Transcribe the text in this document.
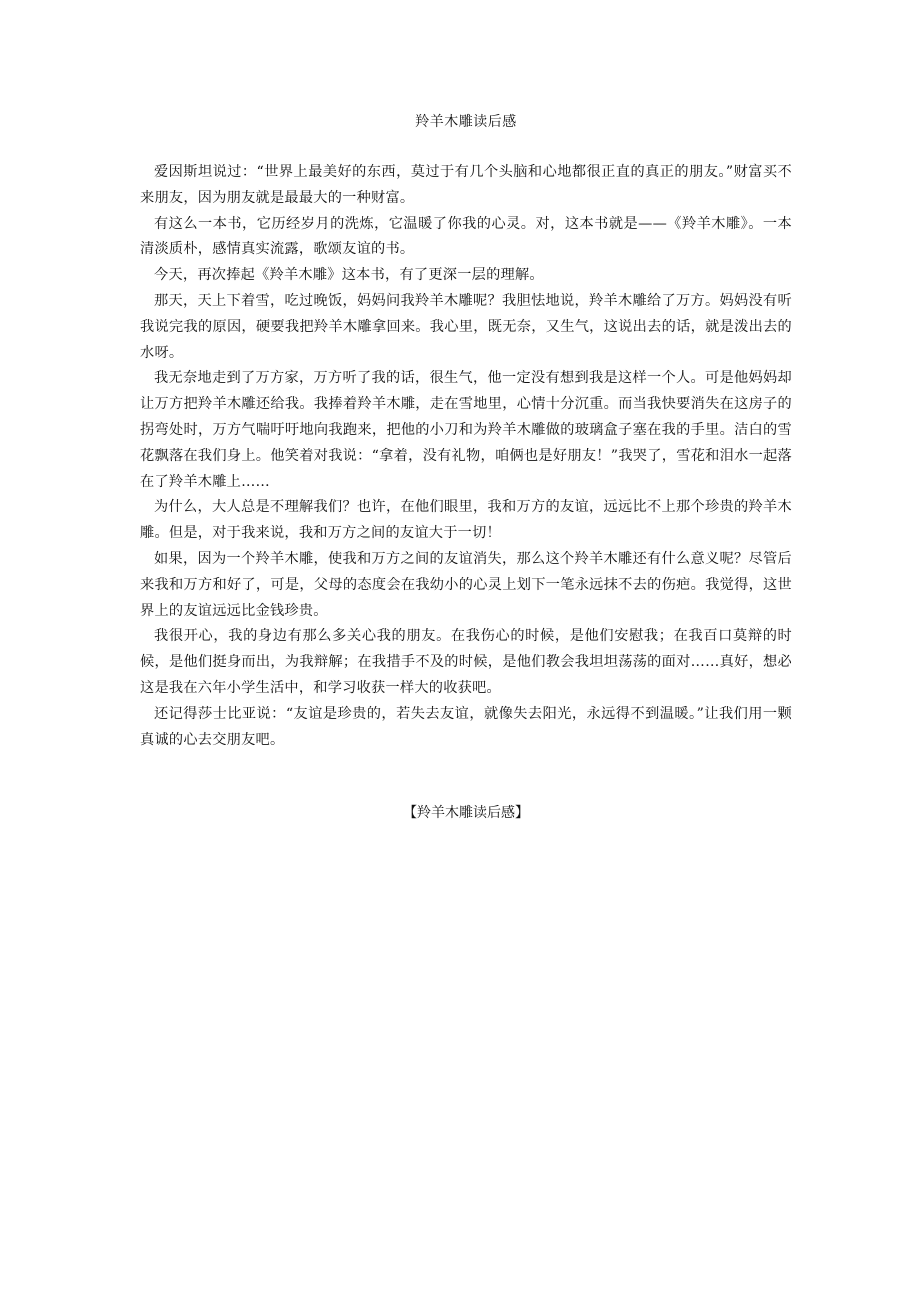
羚羊木雕读后感

爱因斯坦说过：“世界上最美好的东西，莫过于有几个头脑和心地都很正直的真正的朋友。”财富买不来朋友，因为朋友就是最最大的一种财富。

有这么一本书，它历经岁月的洗炼，它温暖了你我的心灵。对，这本书就是——《羚羊木雕》。一本清淡质朴，感情真实流露，歌颂友谊的书。

今天，再次捧起《羚羊木雕》这本书，有了更深一层的理解。

那天，天上下着雪，吃过晚饭，妈妈问我羚羊木雕呢？我胆怯地说，羚羊木雕给了万方。妈妈没有听我说完我的原因，硬要我把羚羊木雕拿回来。我心里，既无奈，又生气，这说出去的话，就是泼出去的水呀。

我无奈地走到了万方家，万方听了我的话，很生气，他一定没有想到我是这样一个人。可是他妈妈却让万方把羚羊木雕还给我。我捧着羚羊木雕，走在雪地里，心情十分沉重。而当我快要消失在这房子的拐弯处时，万方气喘吁吁地向我跑来，把他的小刀和为羚羊木雕做的玻璃盒子塞在我的手里。洁白的雪花飘落在我们身上。他笑着对我说：“拿着，没有礼物，咱俩也是好朋友！”我哭了，雪花和泪水一起落在了羚羊木雕上……

为什么，大人总是不理解我们？也许，在他们眼里，我和万方的友谊，远远比不上那个珍贵的羚羊木雕。但是，对于我来说，我和万方之间的友谊大于一切！

如果，因为一个羚羊木雕，使我和万方之间的友谊消失，那么这个羚羊木雕还有什么意义呢？尽管后来我和万方和好了，可是，父母的态度会在我幼小的心灵上划下一笔永远抹不去的伤疤。我觉得，这世界上的友谊远远比金钱珍贵。

我很开心，我的身边有那么多关心我的朋友。在我伤心的时候，是他们安慰我；在我百口莫辩的时候，是他们挺身而出，为我辩解；在我措手不及的时候，是他们教会我坦坦荡荡的面对……真好，想必这是我在六年小学生活中，和学习收获一样大的收获吧。

还记得莎士比亚说：“友谊是珍贵的，若失去友谊，就像失去阳光，永远得不到温暖。”让我们用一颗真诚的心去交朋友吧。

【羚羊木雕读后感】
